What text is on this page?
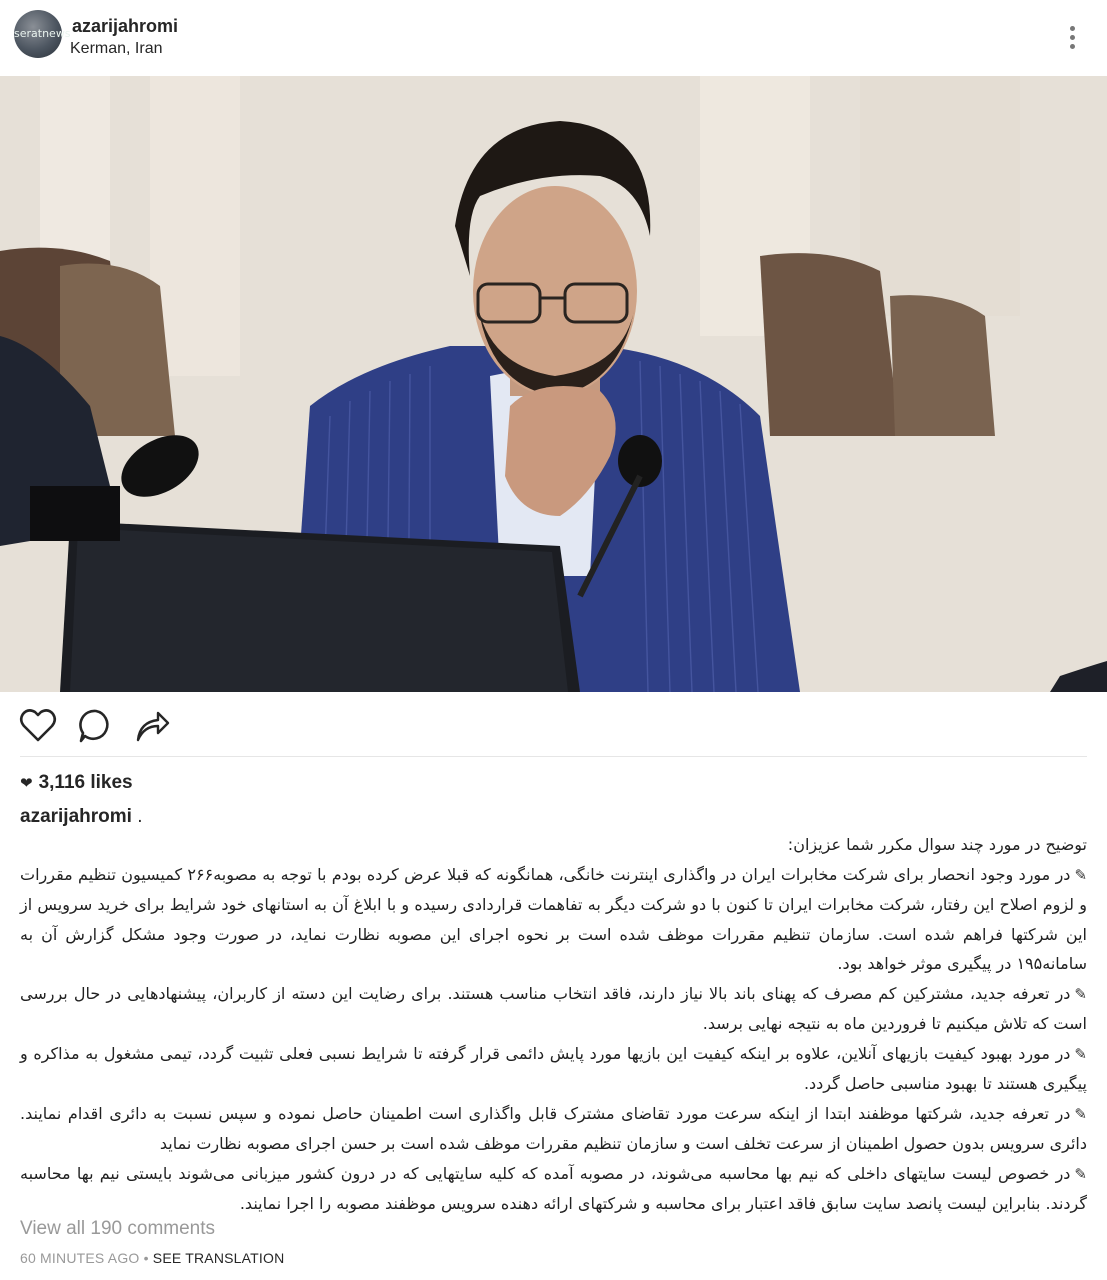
seratnews azarijahromi
Kerman, Iran
❤ 3,116 likes
azarijahromi .

توضیح در مورد چند سوال مکرر شما عزیزان:

✎در مورد وجود انحصار برای شرکت مخابرات ایران در واگذاری اینترنت خانگی، همانگونه که قبلا عرض کرده بودم با توجه به مصوبه۲۶۶ کمیسیون تنظیم مقررات و لزوم اصلاح این رفتار، شرکت مخابرات ایران تا کنون با دو شرکت دیگر به تفاهمات قراردادی رسیده و با ابلاغ آن به استانهای خود شرایط برای خرید سرویس از این شرکتها فراهم شده است. سازمان تنظیم مقررات موظف شده است بر نحوه اجرای این مصوبه نظارت نماید، در صورت وجود مشکل گزارش آن به سامانه۱۹۵ در پیگیری موثر خواهد بود.

✎در تعرفه جدید، مشترکین کم مصرف که پهنای باند بالا نیاز دارند، فاقد انتخاب مناسب هستند. برای رضایت این دسته از کاربران، پیشنهادهایی در حال بررسی است که تلاش میکنیم تا فروردین ماه به نتیجه نهایی برسد.

✎در مورد بهبود کیفیت بازیهای آنلاین، علاوه بر اینکه کیفیت این بازیها مورد پایش دائمی قرار گرفته تا شرایط نسبی فعلی تثبیت گردد، تیمی مشغول به مذاکره و پیگیری هستند تا بهبود مناسبی حاصل گردد.

✎در تعرفه جدید، شرکتها موظفند ابتدا از اینکه سرعت مورد تقاضای مشترک قابل واگذاری است اطمینان حاصل نموده و سپس نسبت به دائری اقدام نمایند. دائری سرویس بدون حصول اطمینان از سرعت تخلف است و سازمان تنظیم مقررات موظف شده است بر حسن اجرای مصوبه نظارت نماید

✎در خصوص لیست سایتهای داخلی که نیم بها محاسبه می‌شوند، در مصوبه آمده که کلیه سایتهایی که در درون کشور میزبانی می‌شوند بایستی نیم بها محاسبه گردند. بنابراین لیست پانصد سایت سابق فاقد اعتبار برای محاسبه و شرکتهای ارائه دهنده سرویس موظفند مصوبه را اجرا نمایند.

View all 190 comments
60 MINUTES AGO • SEE TRANSLATION
